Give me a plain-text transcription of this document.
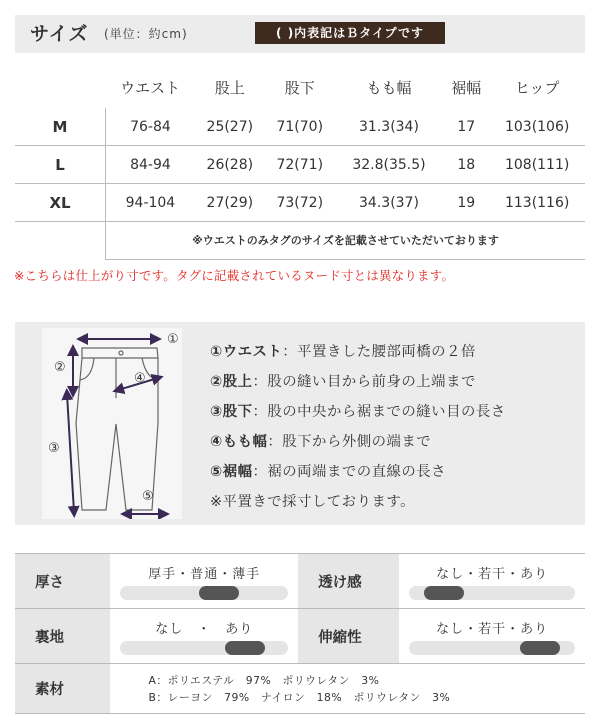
サイズ (単位：約cm)	( )内表記はＢタイプです
	ウエスト	股上	股下	もも幅	裾幅	ヒップ
M	76-84	25(27)	71(70)	31.3(34)	17	103(106)
L	84-94	26(28)	72(71)	32.8(35.5)	18	108(111)
XL	94-104	27(29)	73(72)	34.3(37)	19	113(116)
	※ウエストのみタグのサイズを記載させていただいております					
※こちらは仕上がり寸です。タグに記載されているヌード寸とは異なります。
①
②
③
④
⑤
①ウエスト：平置きした腰部両橋の２倍
②股上：股の縫い目から前身の上端まで
③股下：股の中央から裾までの縫い目の長さ
④もも幅：股下から外側の端まで
⑤裾幅：裾の両端までの直線の長さ
※平置きで採寸しております。
厚さ	厚手・普通・薄手	透け感	なし・若干・あり

裏地	なし　・　あり	伸縮性	なし・若干・あり

素材	A：ポリエステル　97%　ポリウレタン　3%
B：レーヨン　79%　ナイロン　18%　ポリウレタン　3%		
